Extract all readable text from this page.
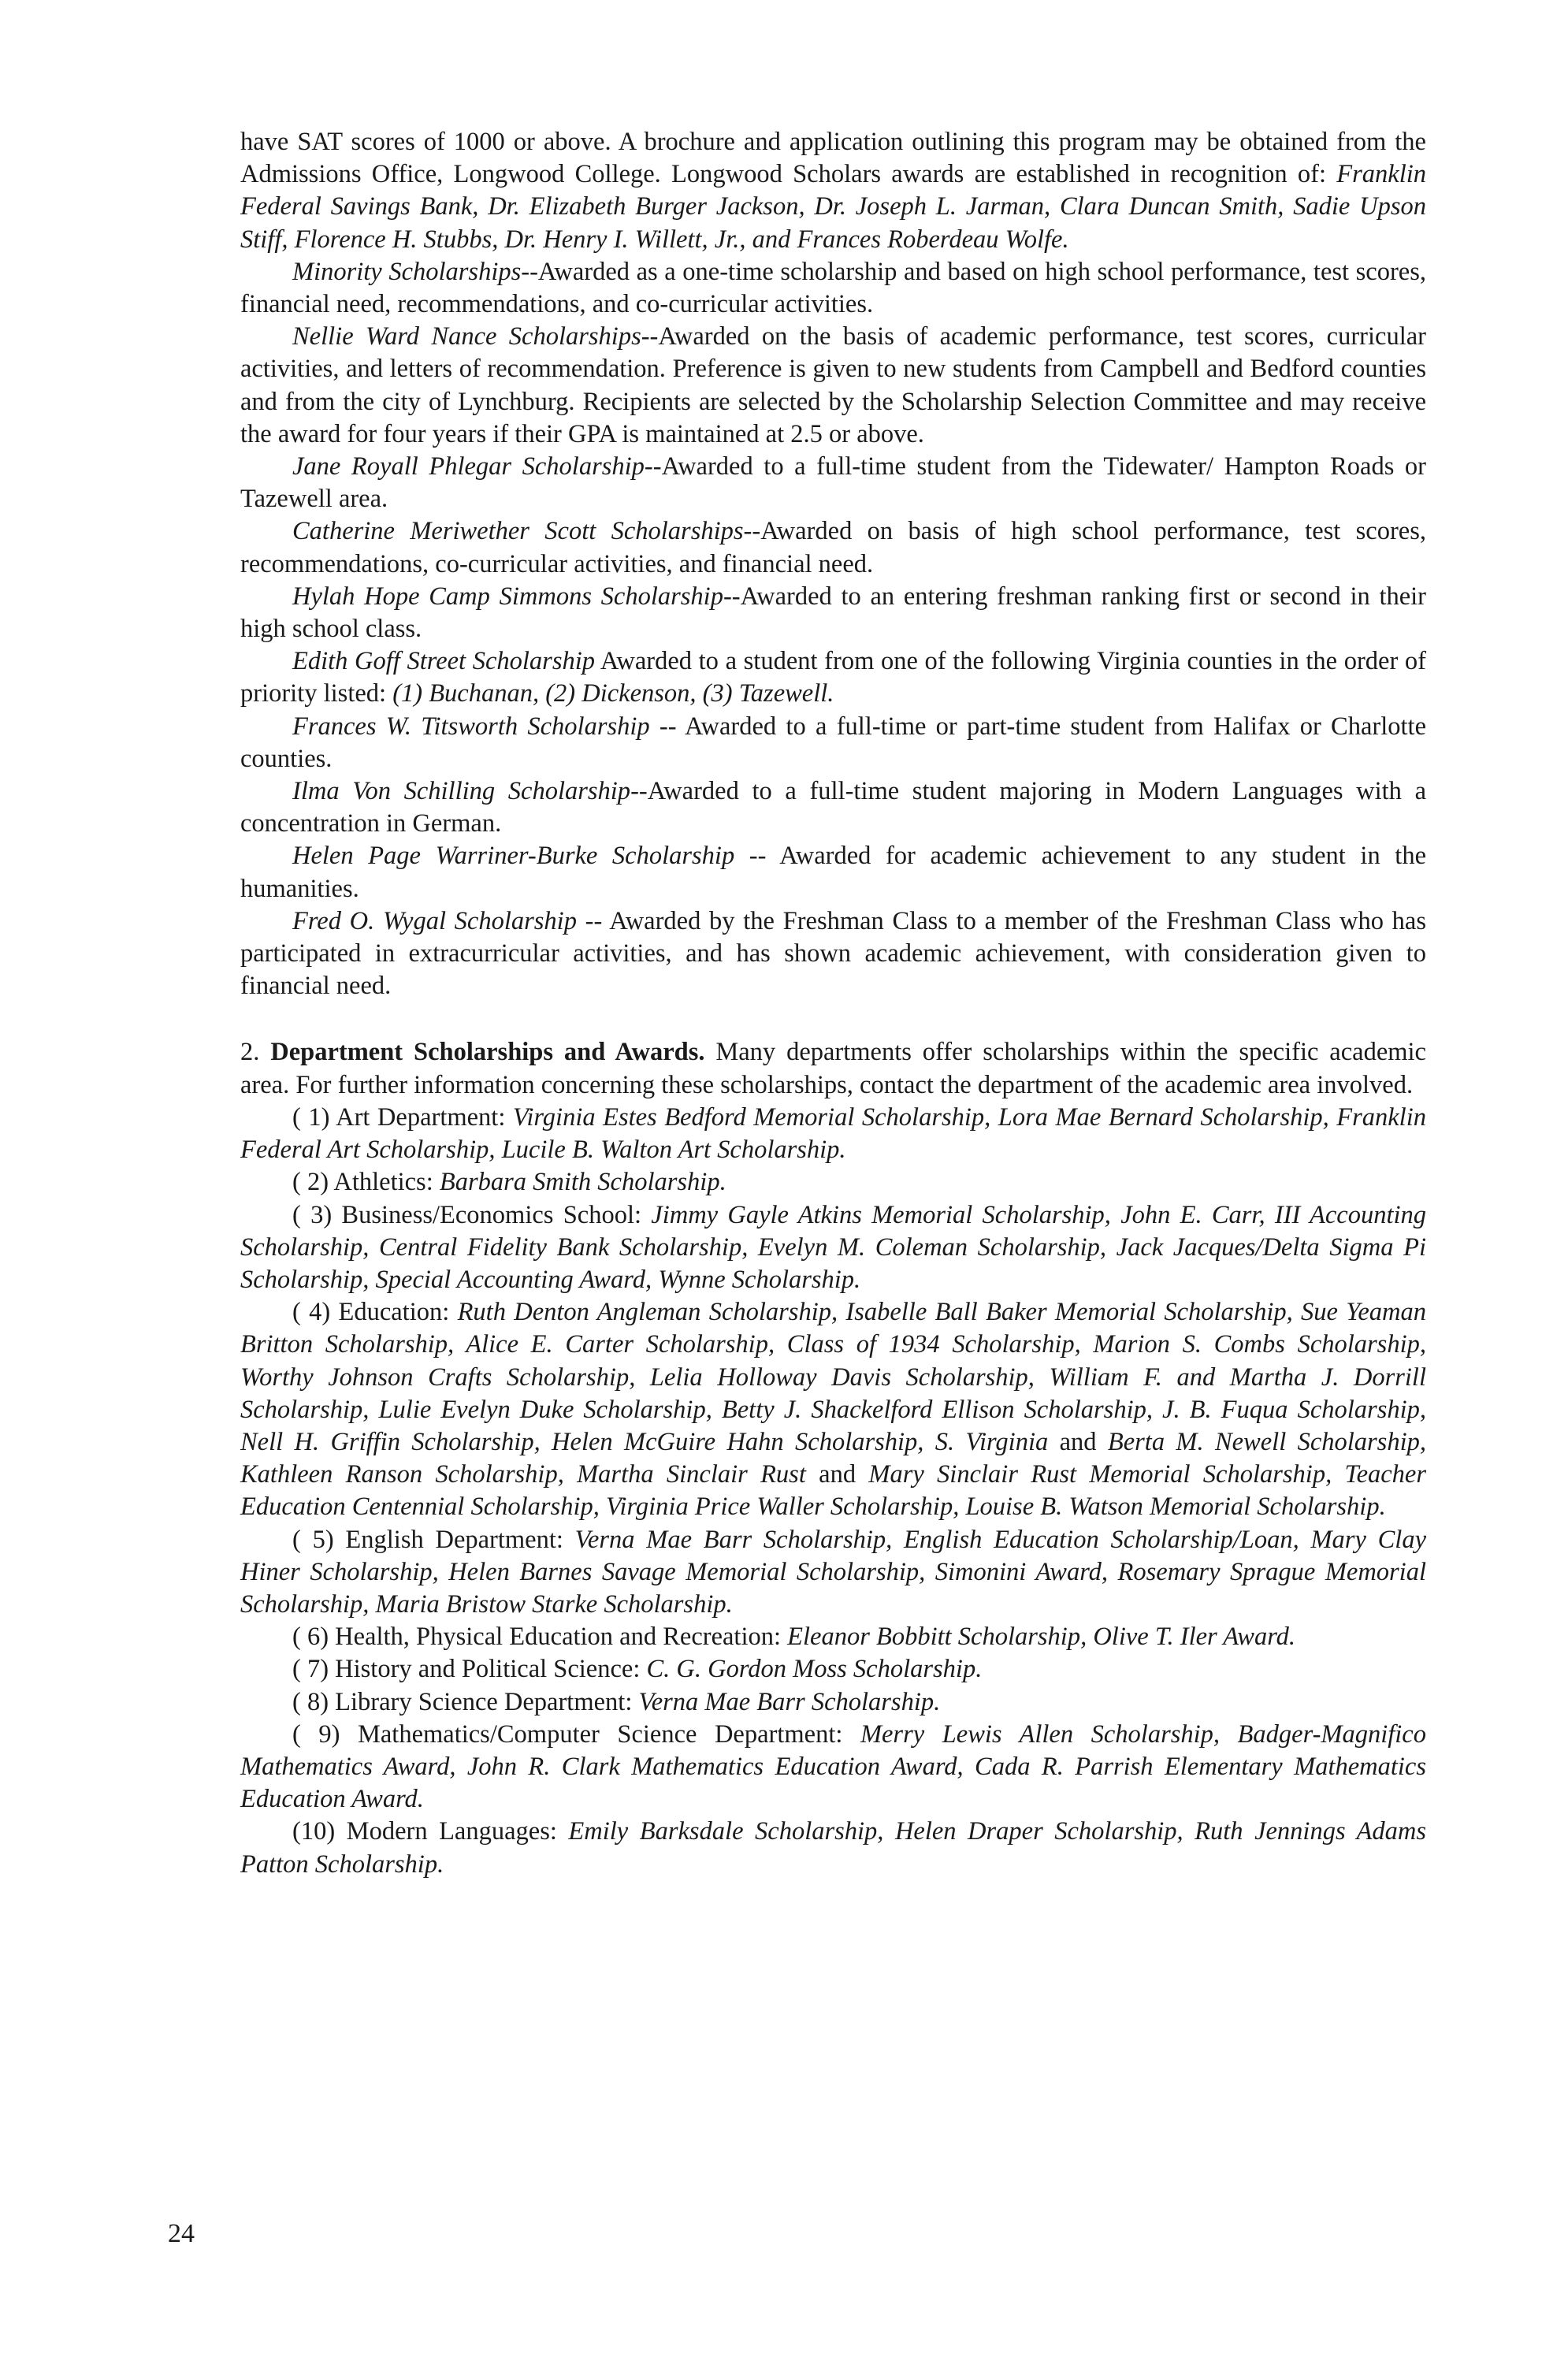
have SAT scores of 1000 or above. A brochure and application outlining this program may be obtained from the Admissions Office, Longwood College. Longwood Scholars awards are established in recognition of: Franklin Federal Savings Bank, Dr. Elizabeth Burger Jackson, Dr. Joseph L. Jarman, Clara Duncan Smith, Sadie Upson Stiff, Florence H. Stubbs, Dr. Henry I. Willett, Jr., and Frances Roberdeau Wolfe.

Minority Scholarships--Awarded as a one-time scholarship and based on high school performance, test scores, financial need, recommendations, and co-curricular activities.

Nellie Ward Nance Scholarships--Awarded on the basis of academic performance, test scores, curricular activities, and letters of recommendation. Preference is given to new students from Campbell and Bedford counties and from the city of Lynchburg. Recipients are selected by the Scholarship Selection Committee and may receive the award for four years if their GPA is maintained at 2.5 or above.

Jane Royall Phlegar Scholarship--Awarded to a full-time student from the Tidewater/ Hampton Roads or Tazewell area.

Catherine Meriwether Scott Scholarships--Awarded on basis of high school performance, test scores, recommendations, co-curricular activities, and financial need.

Hylah Hope Camp Simmons Scholarship--Awarded to an entering freshman ranking first or second in their high school class.

Edith Goff Street Scholarship Awarded to a student from one of the following Virginia counties in the order of priority listed: (1) Buchanan, (2) Dickenson, (3) Tazewell.

Frances W. Titsworth Scholarship -- Awarded to a full-time or part-time student from Halifax or Charlotte counties.

Ilma Von Schilling Scholarship--Awarded to a full-time student majoring in Modern Languages with a concentration in German.

Helen Page Warriner-Burke Scholarship -- Awarded for academic achievement to any student in the humanities.

Fred O. Wygal Scholarship -- Awarded by the Freshman Class to a member of the Freshman Class who has participated in extracurricular activities, and has shown academic achievement, with consideration given to financial need.

2. Department Scholarships and Awards. Many departments offer scholarships within the specific academic area. For further information concerning these scholarships, contact the department of the academic area involved.

( 1) Art Department: Virginia Estes Bedford Memorial Scholarship, Lora Mae Bernard Scholarship, Franklin Federal Art Scholarship, Lucile B. Walton Art Scholarship.

( 2) Athletics: Barbara Smith Scholarship.

( 3) Business/Economics School: Jimmy Gayle Atkins Memorial Scholarship, John E. Carr, III Accounting Scholarship, Central Fidelity Bank Scholarship, Evelyn M. Coleman Scholarship, Jack Jacques/Delta Sigma Pi Scholarship, Special Accounting Award, Wynne Scholarship.

( 4) Education: Ruth Denton Angleman Scholarship, Isabelle Ball Baker Memorial Scholarship, Sue Yeaman Britton Scholarship, Alice E. Carter Scholarship, Class of 1934 Scholarship, Marion S. Combs Scholarship, Worthy Johnson Crafts Scholarship, Lelia Holloway Davis Scholarship, William F. and Martha J. Dorrill Scholarship, Lulie Evelyn Duke Scholarship, Betty J. Shackelford Ellison Scholarship, J. B. Fuqua Scholarship, Nell H. Griffin Scholarship, Helen McGuire Hahn Scholarship, S. Virginia and Berta M. Newell Scholarship, Kathleen Ranson Scholarship, Martha Sinclair Rust and Mary Sinclair Rust Memorial Scholarship, Teacher Education Centennial Scholarship, Virginia Price Waller Scholarship, Louise B. Watson Memorial Scholarship.

( 5) English Department: Verna Mae Barr Scholarship, English Education Scholarship/Loan, Mary Clay Hiner Scholarship, Helen Barnes Savage Memorial Scholarship, Simonini Award, Rosemary Sprague Memorial Scholarship, Maria Bristow Starke Scholarship.

( 6) Health, Physical Education and Recreation: Eleanor Bobbitt Scholarship, Olive T. Iler Award.

( 7) History and Political Science: C. G. Gordon Moss Scholarship.

( 8) Library Science Department: Verna Mae Barr Scholarship.

( 9) Mathematics/Computer Science Department: Merry Lewis Allen Scholarship, Badger-Magnifico Mathematics Award, John R. Clark Mathematics Education Award, Cada R. Parrish Elementary Mathematics Education Award.

(10) Modern Languages: Emily Barksdale Scholarship, Helen Draper Scholarship, Ruth Jennings Adams Patton Scholarship.

24
